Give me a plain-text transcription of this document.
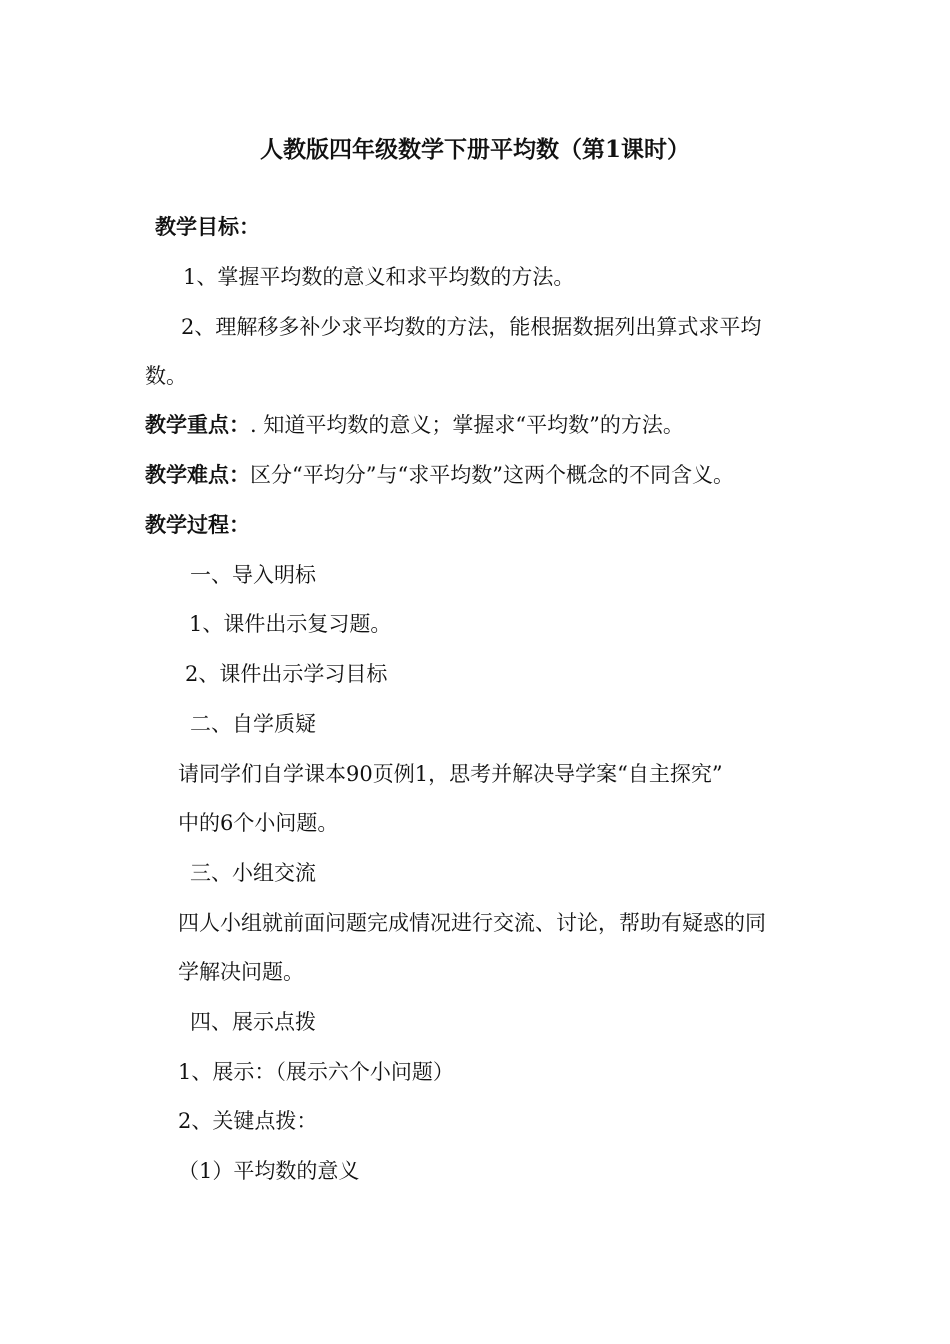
人教版四年级数学下册平均数（第1课时）
教学目标：
1、掌握平均数的意义和求平均数的方法。
2、理解移多补少求平均数的方法，能根据数据列出算式求平均
数。
教学重点：. 知道平均数的意义；掌握求“平均数”的方法。
教学难点：区分“平均分”与“求平均数”这两个概念的不同含义。
教学过程：
一、导入明标
1、课件出示复习题。
2、课件出示学习目标
二、自学质疑
请同学们自学课本90页例1，思考并解决导学案“自主探究”
中的6个小问题。
三、小组交流
四人小组就前面问题完成情况进行交流、讨论，帮助有疑惑的同
学解决问题。
四、展示点拨
1、展示：（展示六个小问题）
2、关键点拨：
（1）平均数的意义
